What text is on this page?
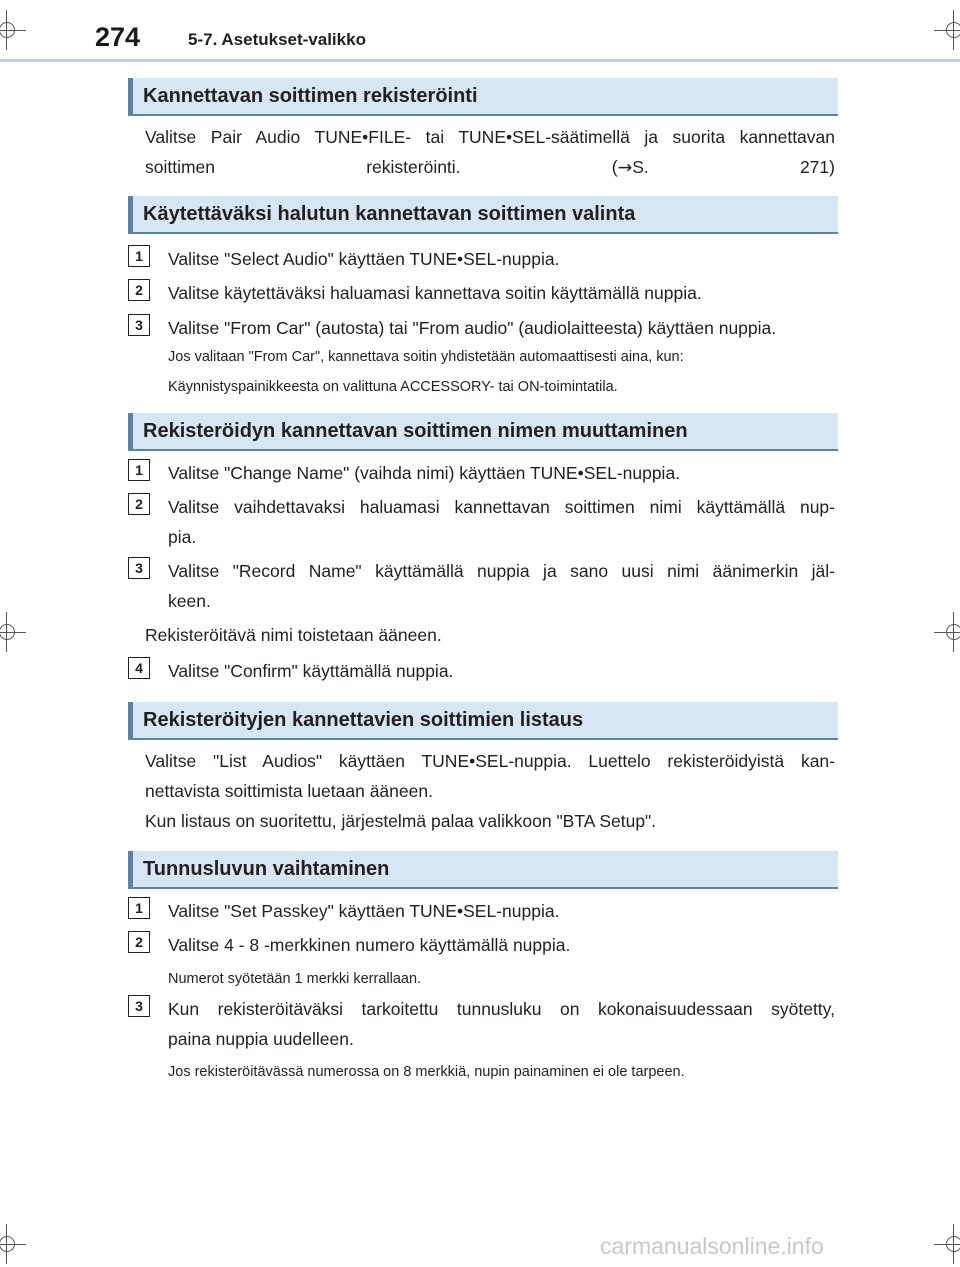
274	5-7. Asetukset-valikko
Kannettavan soittimen rekisteröinti
Valitse Pair Audio TUNE•FILE- tai TUNE•SEL-säätimellä ja suorita kannettavan
soittimen rekisteröinti. (→S. 271)
Käytettäväksi halutun kannettavan soittimen valinta
1	Valitse "Select Audio" käyttäen TUNE•SEL-nuppia.
2	Valitse käytettäväksi haluamasi kannettava soitin käyttämällä nuppia.
3	Valitse "From Car" (autosta) tai "From audio" (audiolaitteesta) käyttäen nuppia.
Jos valitaan "From Car", kannettava soitin yhdistetään automaattisesti aina, kun:
Käynnistyspainikkeesta on valittuna ACCESSORY- tai ON-toimintatila.
Rekisteröidyn kannettavan soittimen nimen muuttaminen
1	Valitse "Change Name" (vaihda nimi) käyttäen TUNE•SEL-nuppia.
2	Valitse vaihdettavaksi haluamasi kannettavan soittimen nimi käyttämällä nup-
pia.
3	Valitse "Record Name" käyttämällä nuppia ja sano uusi nimi äänimerkin jäl-
keen.
Rekisteröitävä nimi toistetaan ääneen.
4	Valitse "Confirm" käyttämällä nuppia.
Rekisteröityjen kannettavien soittimien listaus
Valitse "List Audios" käyttäen TUNE•SEL-nuppia. Luettelo rekisteröidyistä kan-
nettavista soittimista luetaan ääneen.
Kun listaus on suoritettu, järjestelmä palaa valikkoon "BTA Setup".
Tunnusluvun vaihtaminen
1	Valitse "Set Passkey" käyttäen TUNE•SEL-nuppia.
2	Valitse 4 - 8 -merkkinen numero käyttämällä nuppia.
Numerot syötetään 1 merkki kerrallaan.
3	Kun rekisteröitäväksi tarkoitettu tunnusluku on kokonaisuudessaan syötetty,
paina nuppia uudelleen.
Jos rekisteröitävässä numerossa on 8 merkkiä, nupin painaminen ei ole tarpeen.
carmanualsonline.info
